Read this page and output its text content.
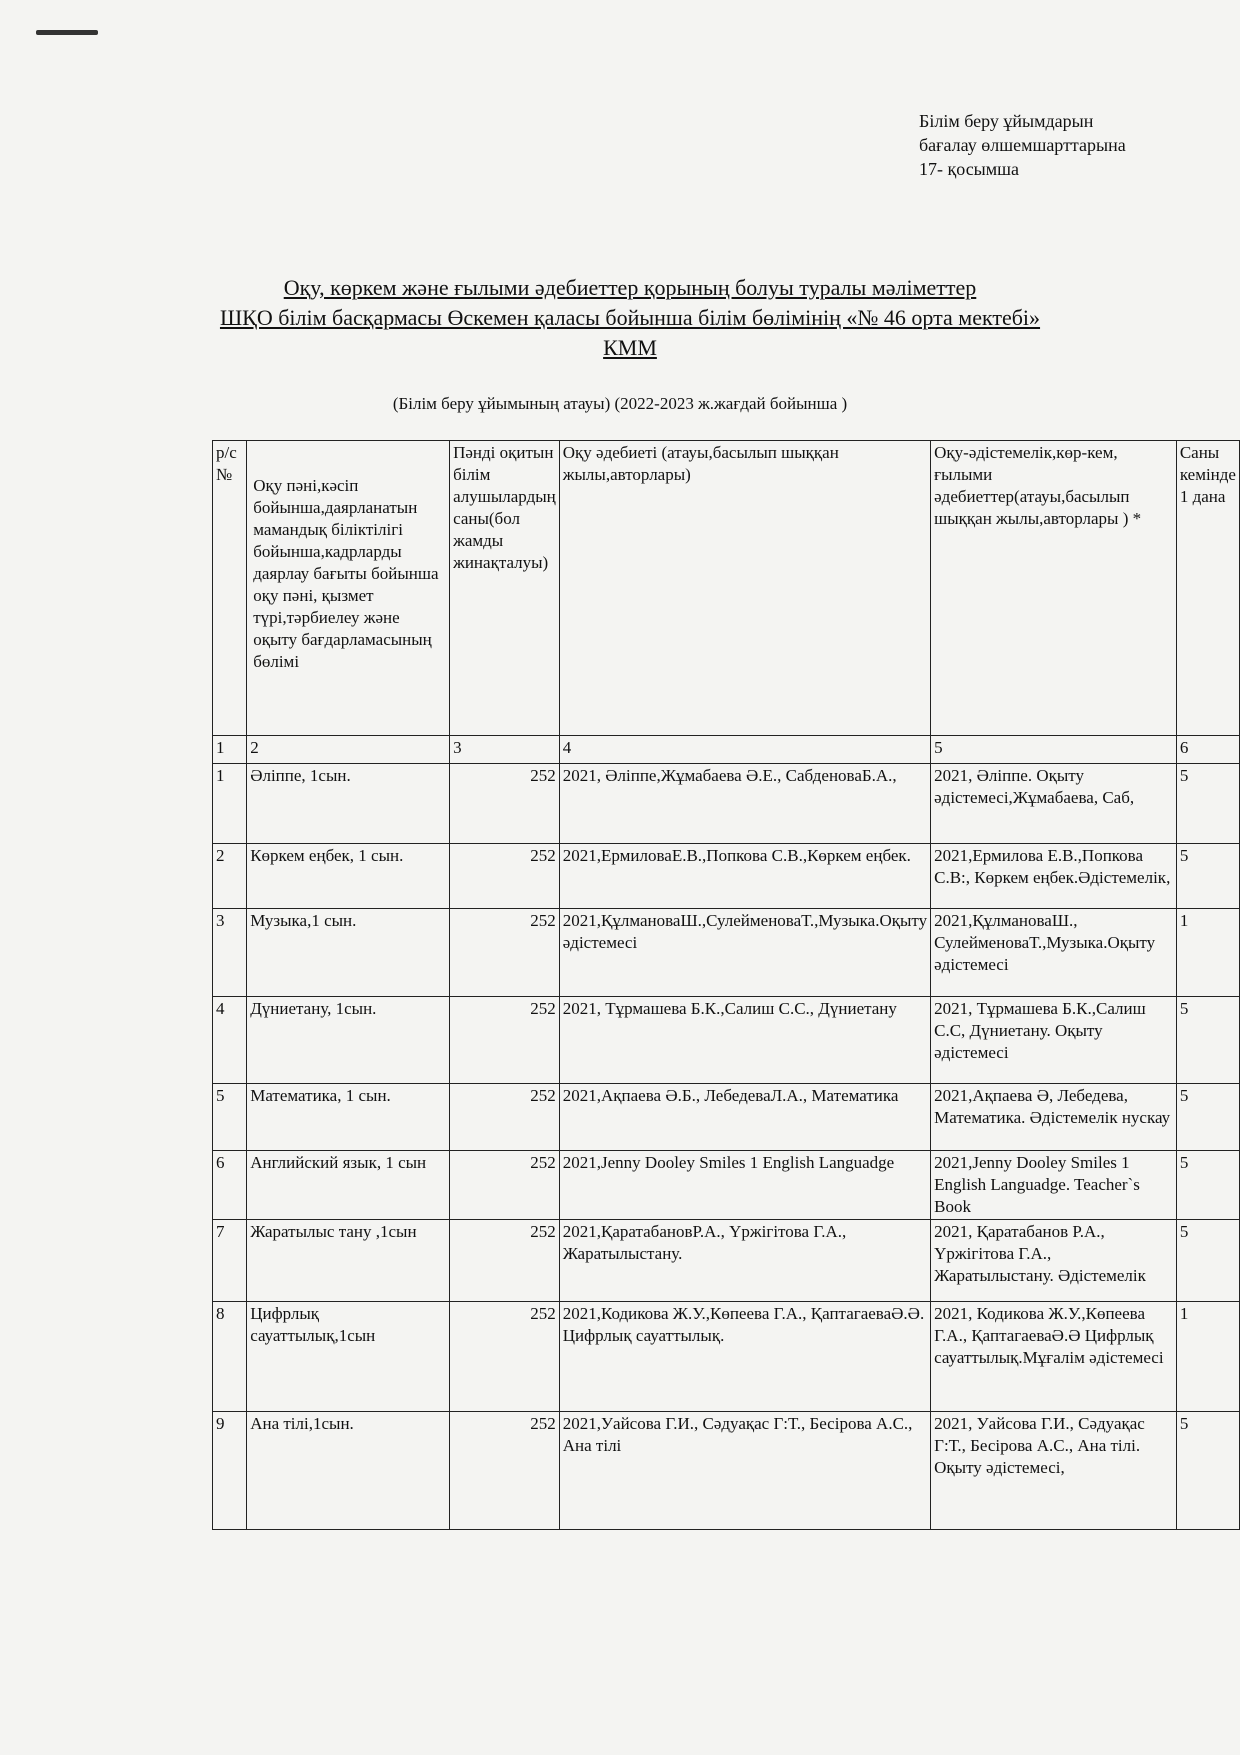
Білім беру ұйымдарын
бағалау өлшемшарттарына
17- қосымша
Оқу, көркем және ғылыми әдебиеттер қорының болуы туралы мәліметтер
ШҚО білім басқармасы Өскемен қаласы бойынша білім бөлімінің «№ 46 орта мектебі»
КММ
(Білім беру ұйымының атауы) (2022-2023 ж.жағдай бойынша )
р/с №	Оқу пәні,кәсіп бойынша,даярланатын мамандық біліктілігі бойынша,кадрларды даярлау бағыты бойынша оқу пәні, қызмет түрі,тәрбиелеу және оқыту бағдарламасының бөлімі	Пәнді оқитын білім алушылардың саны(бол жамды жинақталуы)	Оқу әдебиеті (атауы,басылып шыққан жылы,авторлары)	Оқу-әдістемелік,көр-кем, ғылыми әдебиеттер(атауы,басылып шыққан жылы,авторлары ) *	Саны кемінде 1 дана
1	2	3	4	5	6
1	Әліппе, 1сын.	252	2021, Әліппе,Жұмабаева Ә.Е., СабденоваБ.А.,	2021, Әліппе. Оқыту әдістемесі,Жұмабаева, Саб,	5
2	Көркем еңбек, 1 сын.	252	2021,ЕрмиловаЕ.В.,Попкова С.В.,Көркем еңбек.	2021,Ермилова Е.В.,Попкова С.В:, Көркем еңбек.Әдістемелік,	5
3	Музыка,1 сын.	252	2021,ҚұлмановаШ.,СулейменоваТ.,Музыка.Оқыту әдістемесі	2021,ҚұлмановаШ., СулейменоваТ.,Музыка.Оқыту әдістемесі	1
4	Дүниетану, 1сын.	252	2021, Тұрмашева Б.К.,Салиш С.С., Дүниетану	2021, Тұрмашева Б.К.,Салиш С.С, Дүниетану. Оқыту әдістемесі	5
5	Математика, 1 сын.	252	2021,Ақпаева Ә.Б., ЛебедеваЛ.А., Математика	2021,Ақпаева Ә, Лебедева, Математика. Әдістемелік нускау	5
6	Английский язык, 1 сын	252	2021,Jenny Dooley Smiles 1 English Languadge	2021,Jenny Dooley Smiles 1 English Languadge. Teacher`s Book	5
7	Жаратылыс тану ,1сын	252	2021,ҚаратабановР.А., Үржігітова Г.А., Жаратылыстану.	2021, Қаратабанов Р.А., Үржігітова Г.А., Жаратылыстану. Әдістемелік	5
8	Цифрлық сауаттылық,1сын	252	2021,Кодикова Ж.У.,Көпеева Г.А., ҚаптагаеваӘ.Ә. Цифрлық сауаттылық.	2021, Кодикова Ж.У.,Көпеева Г.А., ҚаптагаеваӘ.Ә Цифрлық сауаттылық.Мұғалім әдістемесі	1
9	Ана тілі,1сын.	252	2021,Уайсова Г.И., Сәдуақас Г:Т., Бесірова А.С., Ана тілі	2021, Уайсова Г.И., Сәдуақас Г:Т., Бесірова А.С., Ана тілі. Оқыту әдістемесі,	5
